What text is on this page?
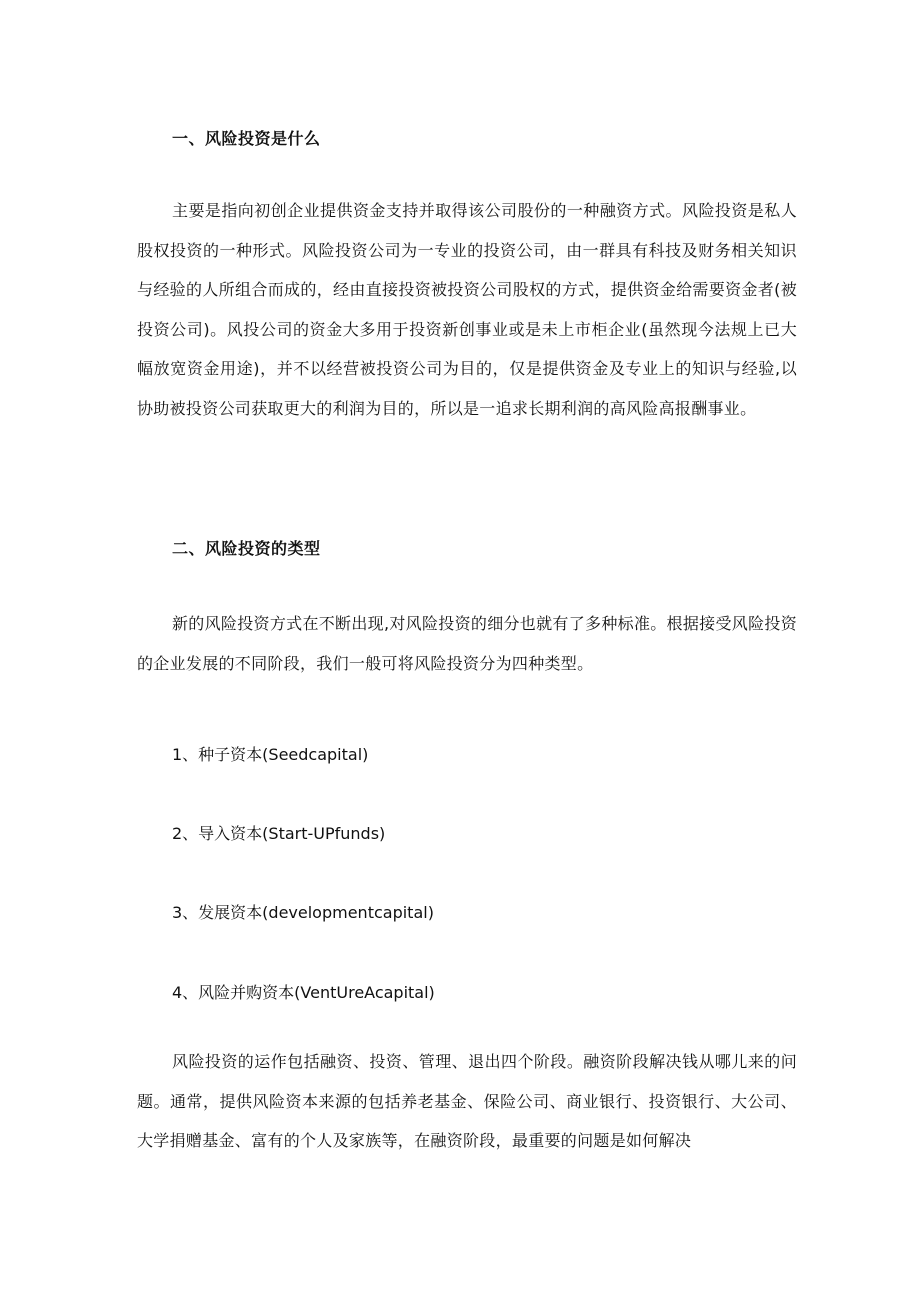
一、风险投资是什么
主要是指向初创企业提供资金支持并取得该公司股份的一种融资方式。风险投资是私人股权投资的一种形式。风险投资公司为一专业的投资公司，由一群具有科技及财务相关知识与经验的人所组合而成的，经由直接投资被投资公司股权的方式，提供资金给需要资金者(被投资公司)。风投公司的资金大多用于投资新创事业或是未上市柜企业(虽然现今法规上已大幅放宽资金用途)，并不以经营被投资公司为目的，仅是提供资金及专业上的知识与经验,以协助被投资公司获取更大的利润为目的，所以是一追求长期利润的高风险高报酬事业。
二、风险投资的类型
新的风险投资方式在不断出现,对风险投资的细分也就有了多种标准。根据接受风险投资的企业发展的不同阶段，我们一般可将风险投资分为四种类型。
1、种子资本(Seedcapital)
2、导入资本(Start-UPfunds)
3、发展资本(developmentcapital)
4、风险并购资本(VentUreAcapital)
风险投资的运作包括融资、投资、管理、退出四个阶段。融资阶段解决钱从哪儿来的问题。通常，提供风险资本来源的包括养老基金、保险公司、商业银行、投资银行、大公司、大学捐赠基金、富有的个人及家族等，在融资阶段，最重要的问题是如何解决
